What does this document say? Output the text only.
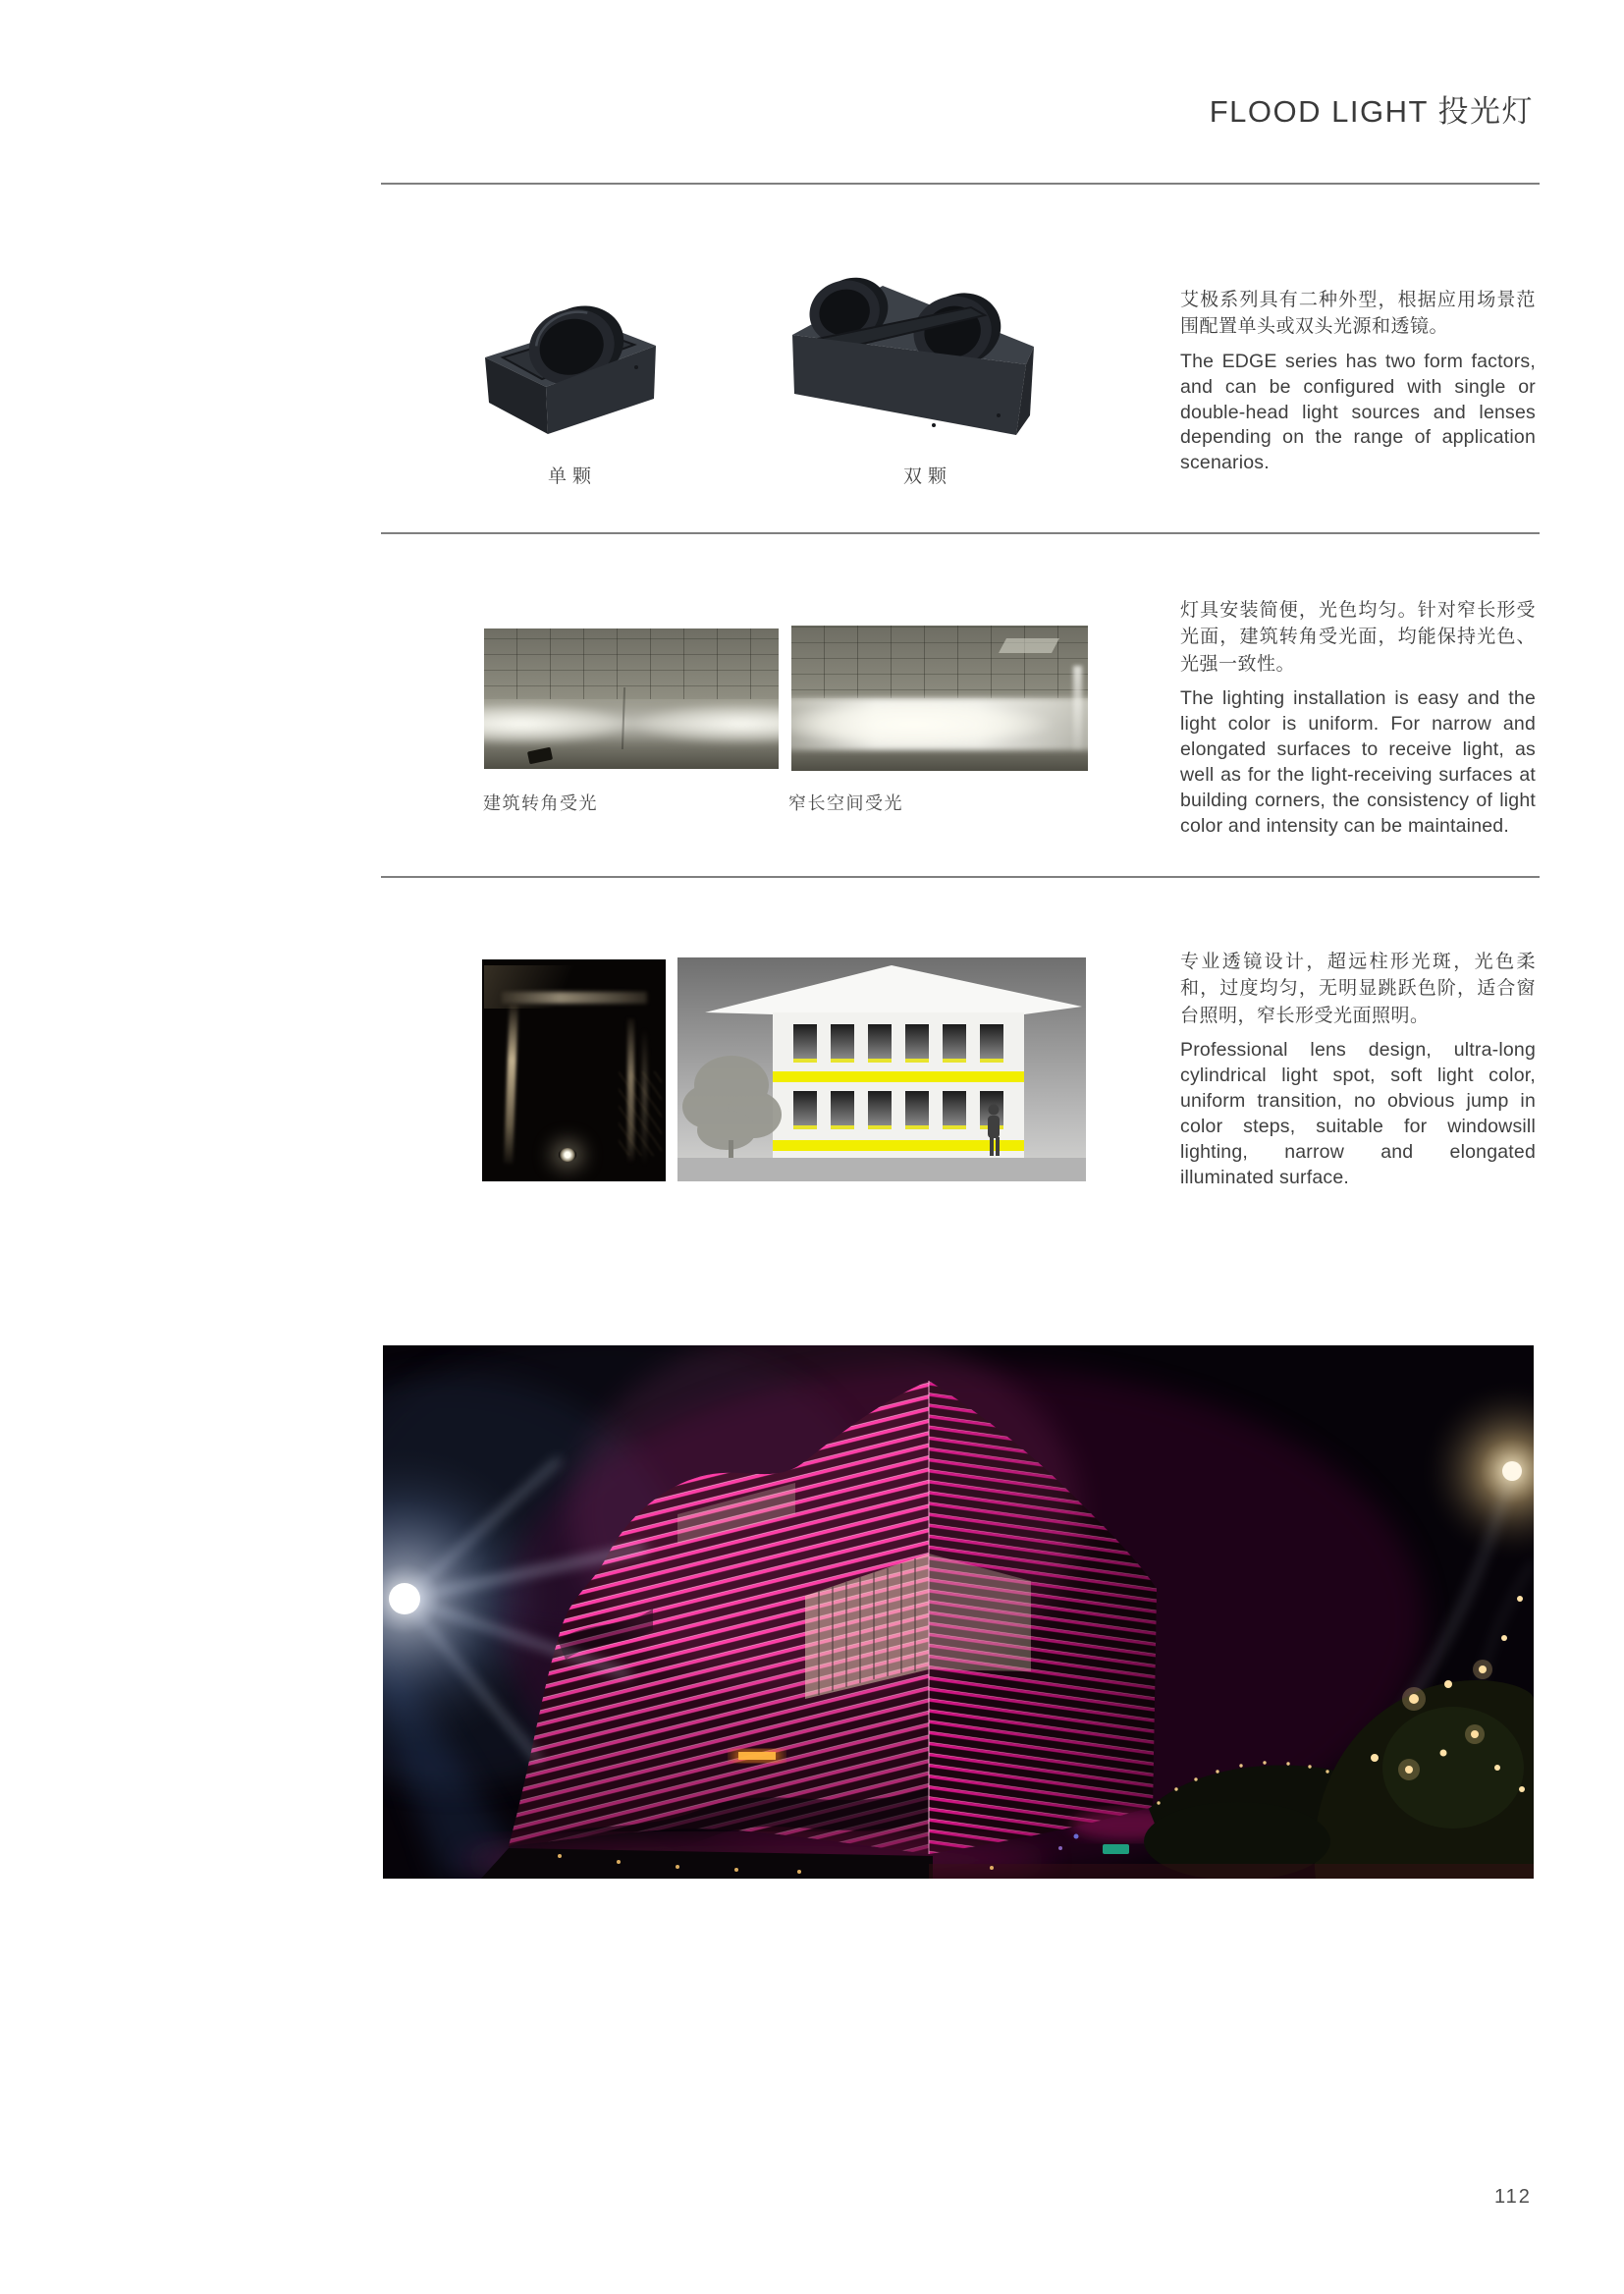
FLOOD LIGHT 投光灯
单颗	双颗

艾极系列具有二种外型，根据应用场景范围配置单头或双头光源和透镜。

The EDGE series has two form factors, and can be configured with single or double-head light sources and lenses depending on the range of application scenarios.

建筑转角受光	窄长空间受光

灯具安装简便，光色均匀。针对窄长形受光面，建筑转角受光面，均能保持光色、光强一致性。

The lighting installation is easy and the light color is uniform. For narrow and elongated surfaces to receive light, as well as for the light-receiving surfaces at building corners, the consistency of light color and intensity can be maintained.

专业透镜设计，超远柱形光斑，光色柔和，过度均匀，无明显跳跃色阶，适合窗台照明，窄长形受光面照明。

Professional lens design, ultra-long cylindrical light spot, soft light color, uniform transition, no obvious jump in color steps, suitable for windowsill lighting, narrow and elongated illuminated surface.

112
